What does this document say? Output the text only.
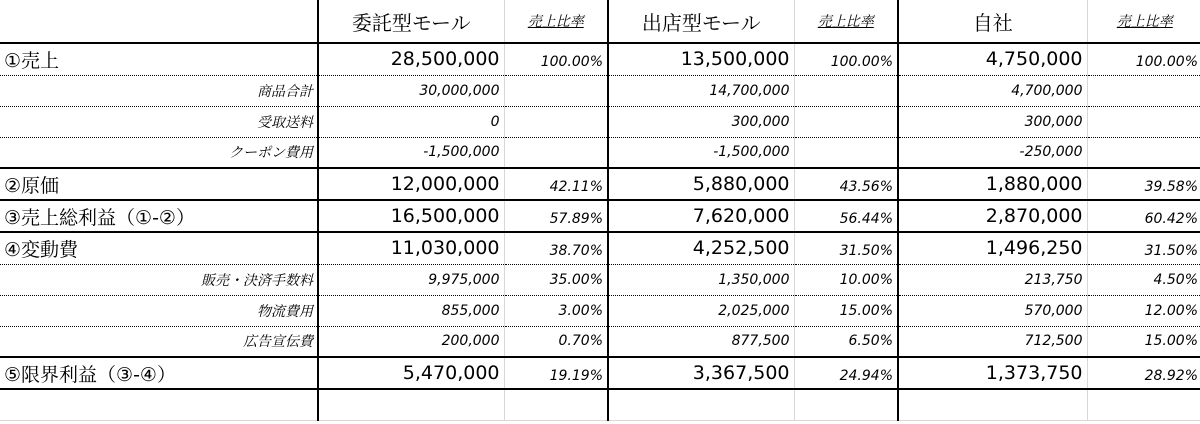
	委託型モール	売上比率	出店型モール	売上比率	自社	売上比率
①売上	28,500,000	100.00%	13,500,000	100.00%	4,750,000	100.00%
商品合計	30,000,000		14,700,000		4,700,000	
受取送料	0		300,000		300,000	
クーポン費用	-1,500,000		-1,500,000		-250,000	
②原価	12,000,000	42.11%	5,880,000	43.56%	1,880,000	39.58%
③売上総利益（①-②）	16,500,000	57.89%	7,620,000	56.44%	2,870,000	60.42%
④変動費	11,030,000	38.70%	4,252,500	31.50%	1,496,250	31.50%
販売・決済手数料	9,975,000	35.00%	1,350,000	10.00%	213,750	4.50%
物流費用	855,000	3.00%	2,025,000	15.00%	570,000	12.00%
広告宣伝費	200,000	0.70%	877,500	6.50%	712,500	15.00%
⑤限界利益（③-④）	5,470,000	19.19%	3,367,500	24.94%	1,373,750	28.92%
